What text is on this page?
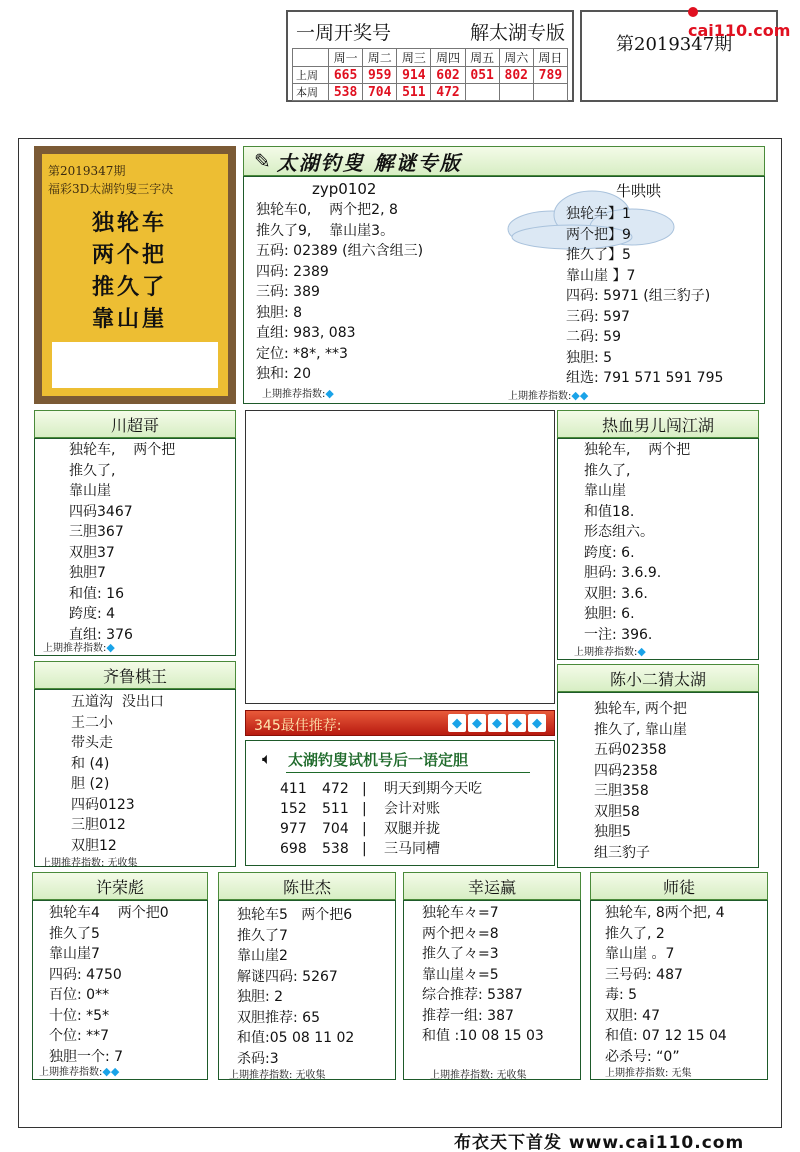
一周开奖号	解太湖专版
	周一	周二	周三	周四	周五	周六	周日
上周	665	959	914	602	051	802	789
本周	538	704	511	472			
第2019347期
cai110.com
第2019347期
福彩3D太湖钓叟三字决
独轮车
两个把
推久了
靠山崖
✎ 太湖钓叟 解谜专版
zyp0102
独轮车0,    两个把2, 8
推久了9,    靠山崖3。
五码: 02389 (组六含组三)
四码: 2389
三码: 389
独胆: 8
直组: 983, 083
定位: *8*, **3
独和: 20
上期推荐指数:◆
牛哄哄
独轮车】1
两个把】9
推久了】5
靠山崖 】7
四码: 5971 (组三豹子)
三码: 597
二码: 59
独胆: 5
组选: 791 571 591 795
上期推荐指数:◆◆
川超哥
独轮车,    两个把
推久了,
靠山崖
四码3467
三胆367
双胆37
独胆7
和值: 16
跨度: 4
直组: 376
上期推荐指数:◆
热血男儿闯江湖
独轮车,    两个把
推久了,
靠山崖
和值18.
形态组六。
跨度: 6.
胆码: 3.6.9.
双胆: 3.6.
独胆: 6.
一注: 396.
上期推荐指数:◆
齐鲁棋王
五道沟  没出口
王二小
带头走
和 (4)
胆 (2)
四码0123
三胆012
双胆12
上期推荐指数: 无收集
345最佳推荐:	◆ ◆ ◆ ◆ ◆
🔈︎ 太湖钓叟试机号后一语定胆
411	472 |	明天到期今天吃
152	511 |	会计对账
977	704 |	双腿并拢
698	538 |	三马同槽
陈小二猜太湖
独轮车, 两个把
推久了, 靠山崖
五码02358
四码2358
三胆358
双胆58
独胆5
组三豹子
许荣彪
独轮车4    两个把0
推久了5
靠山崖7
四码: 4750
百位: 0**
十位: *5*
个位: **7
独胆一个: 7
上期推荐指数:◆◆
陈世杰
独轮车5   两个把6
推久了7
靠山崖2
解谜四码: 5267
独胆: 2
双胆推荐: 65
和值:05 08 11 02
杀码:3
上期推荐指数: 无收集
幸运赢
独轮车々=7
两个把々=8
推久了々=3
靠山崖々=5
综合推荐: 5387
推荐一组: 387
和值 :10 08 15 03
上期推荐指数: 无收集
师徒
独轮车, 8两个把, 4
推久了, 2
靠山崖 。7
三号码: 487
毒: 5
双胆: 47
和值: 07 12 15 04
必杀号: “0”
上期推荐指数: 无集
布衣天下首发 www.cai110.com
